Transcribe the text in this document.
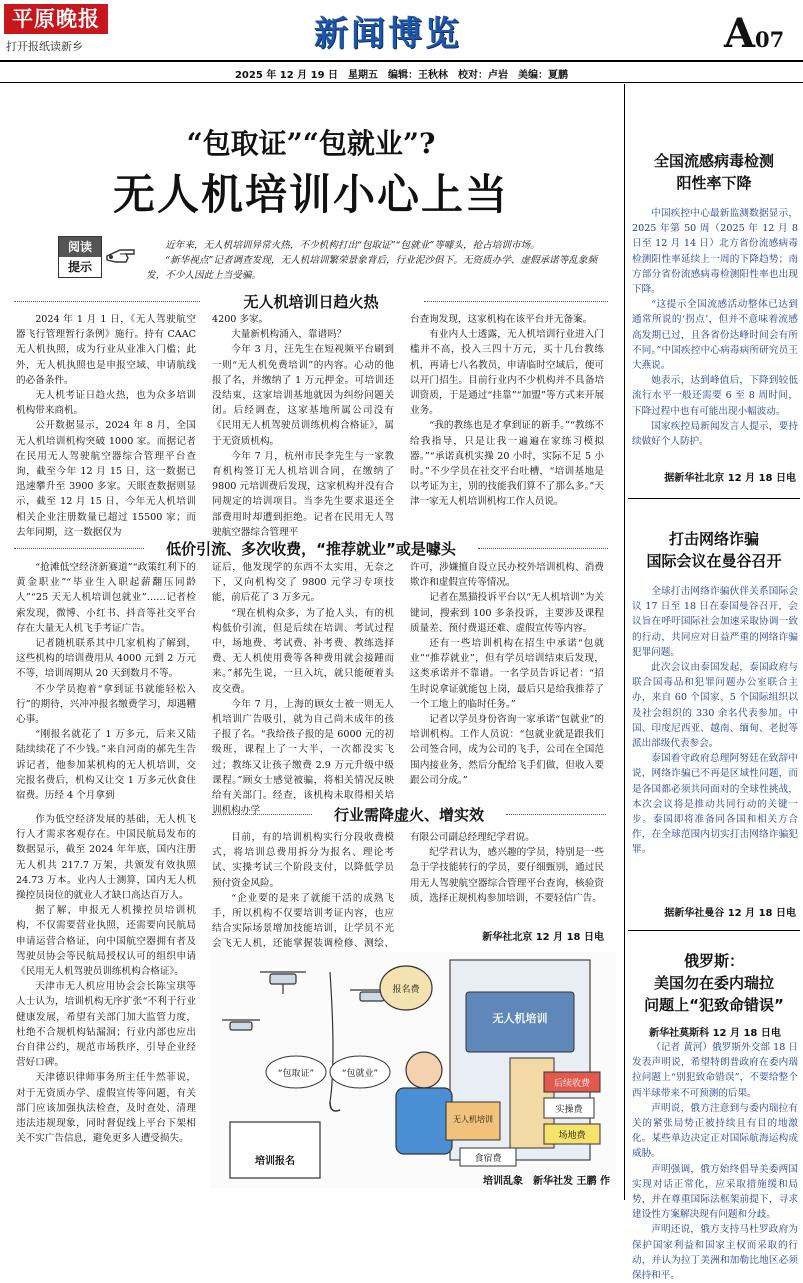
平原晚报
打开报纸读新乡	新闻博览	A07
2025 年 12 月 19 日　星期五　编辑：王秋林　校对：卢岩　美编：夏鹏
“包取证”“包就业”?
无人机培训小心上当
阅读
提示
近年来，无人机培训异常火热，不少机构打出“包取证”“包就业”等噱头，抢占培训市场。
“新华视点”记者调查发现，无人机培训繁荣景象背后，行业泥沙俱下。无资质办学、虚假承诺等乱象频发，不少人因此上当受骗。
无人机培训日趋火热

2024 年 1 月 1 日，《无人驾驶航空器飞行管理暂行条例》施行。持有 CAAC 无人机执照，成为行业从业准入门槛；此外，无人机执照也是申报空域、申请航线的必备条件。

无人机考证日趋火热，也为众多培训机构带来商机。

公开数据显示，2024 年 8 月，全国无人机培训机构突破 1000 家。而据记者在民用无人驾驶航空器综合管理平台查询，截至今年 12 月 15 日，这一数据已迅速攀升至 3900 多家。天眼查数据则显示，截至 12 月 15 日，今年无人机培训相关企业注册数量已超过 15500 家；而去年同期，这一数据仅为

4200 多家。

大量新机构涌入，靠谱吗？

今年 3 月，汪先生在短视频平台刷到一则“无人机免费培训”的内容。心动的他报了名，并缴纳了 1 万元押金。可培训还没结束，这家培训基地就因为纠纷问题关闭。后经调查，这家基地所属公司没有《民用无人机驾驶员训练机构合格证》，属于无资质机构。

今年 7 月，杭州市民李先生与一家教育机构签订无人机培训合同，在缴纳了 9800 元培训费后发现，这家机构并没有合同规定的培训项目。当李先生要求退还全部费用时却遭到拒绝。记者在民用无人驾驶航空器综合管理平

台查询发现，这家机构在该平台并无备案。

有业内人士透露，无人机培训行业进入门槛并不高，投入三四十万元，买十几台教练机，再请七八名教员，申请临时空域后，便可以开门招生。目前行业内不少机构并不具备培训资质，于是通过“挂靠”“加盟”等方式来开展业务。

“我的教练也是才拿到证的新手。”“教练不给我指导，只是让我一遍遍在家练习模拟器。”“承诺真机实操 20 小时，实际不足 5 小时。”不少学员在社交平台吐槽，“培训基地是以考证为主，别的技能我们算不了那么多。”天津一家无人机培训机构工作人员说。

低价引流、多次收费，“推荐就业”或是噱头

“抢滩低空经济新赛道”“政策红利下的黄金职业”“毕业生入职起薪翻压同龄人”“25 天无人机培训包就业”……记者检索发现，微博、小红书、抖音等社交平台存在大量无人机飞手考证广告。

记者随机联系其中几家机构了解到，这些机构的培训费用从 4000 元到 2 万元不等，培训周期从 20 天到数月不等。

不少学员抱着“拿到证书就能轻松入行”的期待，兴冲冲报名缴费学习，却遇糟心事。

“刚报名就花了 1 万多元，后来又陆陆续续花了不少钱。”来自河南的郝先生告诉记者，他参加某机构的无人机培训，交完报名费后，机构又让交 1 万多元伙食住宿费。历经 4 个月拿到

证后，他发现学的东西不太实用，无奈之下，又向机构交了 9800 元学习专项技能，前后花了 3 万多元。

“现在机构众多，为了抢人头，有的机构低价引流，但是后续在培训、考试过程中，场地费、考试费、补考费、教练选择费、无人机使用费等各种费用就会接踵而来。”郝先生说，一旦入坑，就只能硬着头皮交费。

今年 7 月，上海的顾女士被一则无人机培训广告吸引，就为自己尚未成年的孩子报了名。“我给孩子报的是 6000 元的初级班，课程上了一大半，一次都没实飞过；教练又让孩子缴费 2.9 万元升级中级课程。”顾女士感觉被骗，将相关情况反映给有关部门。经查，该机构未取得相关培训机构办学

许可，涉嫌擅自设立民办校外培训机构、消费欺诈和虚假宣传等情况。

记者在黑猫投诉平台以“无人机培训”为关键词，搜索到 100 多条投诉，主要涉及课程质量差、预付费退还难、虚假宣传等内容。

还有一些培训机构在招生中承诺“包就业”“推荐就业”，但有学员培训结束后发现，这类承诺并不靠谱。一名学员告诉记者：“招生时说拿证就能包上岗，最后只是给我推荐了一个工地上的临时任务。”

记者以学员身份咨询一家承诺“包就业”的培训机构。工作人员说：“包就业就是跟我们公司签合同，成为公司的飞手，公司在全国范围内接业务，然后分配给飞手们做，但收入要跟公司分成。”

行业需降虚火、增实效

作为低空经济发展的基础，无人机飞行人才需求客观存在。中国民航局发布的数据显示，截至 2024 年年底，国内注册无人机共 217.7 万架，共颁发有效执照 24.73 万本。业内人士测算，国内无人机操控员岗位的就业人才缺口高达百万人。

据了解，申报无人机操控员培训机构，不仅需要营业执照，还需要向民航局申请运营合格证，向中国航空器拥有者及驾驶员协会等民航局授权认可的组织申请《民用无人机驾驶员训练机构合格证》。

天津市无人机应用协会会长陈宝琪等人士认为，培训机构无序扩张“不利于行业健康发展，希望有关部门加大监管力度，杜绝不合规机构钻漏洞；行业内部也应出台自律公约，规范市场秩序，引导企业经营好口碑。

天津德识律师事务所主任牛然菲说，对于无资质办学、虚假宣传等问题，有关部门应该加强执法检查，及时查处、清理违法违规现象，同时督促线上平台下架相关不实广告信息，避免更多人遭受损失。

目前，有的培训机构实行分段收费模式，将培训总费用拆分为报名、理论考试、实操考试三个阶段支付，以降低学员预付资金风险。

“企业要的是来了就能干活的成熟飞手，所以机构不仅要培训考证内容，也应结合实际场景增加技能培训，让学员不光会飞无人机，还能掌握装调检修、测绘、

有限公司副总经理纪学君说。

纪学君认为，感兴趣的学员，特别是一些急于学技能转行的学员，要仔细甄别，通过民用无人驾驶航空器综合管理平台查询，核验资质，选择正规机构参加培训，不要轻信广告。

新华社北京 12 月 18 日电
无人机培训
报名费
“包取证”	“包就业”
后续收费
实操费
场地费
食宿费
培训报名
无人机培训
培训乱象　新华社发 王鹏 作
全国流感病毒检测
阳性率下降

中国疾控中心最新监测数据显示，2025 年第 50 周（2025 年 12 月 8 日至 12 月 14 日）北方省份流感病毒检测阳性率延续上一周的下降趋势；南方部分省份流感病毒检测阳性率也出现下降。

“这提示全国流感活动整体已达到通常所说的‘拐点’，但并不意味着流感高发期已过，且各省份达峰时间会有所不同。”中国疾控中心病毒病所研究员王大燕说。

她表示，达到峰值后，下降到较低流行水平一般还需要 6 至 8 周时间，下降过程中也有可能出现小幅波动。

国家疾控局新闻发言人提示，要持续做好个人防护。

据新华社北京 12 月 18 日电
打击网络诈骗
国际会议在曼谷召开

全球打击网络诈骗伙伴关系国际会议 17 日至 18 日在泰国曼谷召开，会议旨在呼吁国际社会加速采取协调一致的行动，共同应对日益严重的网络诈骗犯罪问题。

此次会议由泰国发起，泰国政府与联合国毒品和犯罪问题办公室联合主办，来自 60 个国家、5 个国际组织以及社会组织的 330 余名代表参加。中国、印度尼西亚、越南、缅甸、老挝等派出部级代表参会。

泰国着守政府总理阿努廷在致辞中说，网络诈骗已不再是区域性问题，而是各国都必须共同面对的全球性挑战，本次会议将是推动共同行动的关键一步。泰国即将准备同各国和相关方合作，在全球范围内切实打击网络诈骗犯罪。

据新华社曼谷 12 月 18 日电
俄罗斯：
美国勿在委内瑞拉
问题上“犯致命错误”
新华社莫斯科 12 月 18 日电

（记者 黄河）俄罗斯外交部 18 日发表声明说，希望特朗普政府在委内瑞拉问题上“别犯致命错误”，不要给整个西半球带来不可预测的后果。

声明说，俄方注意到与委内瑞拉有关的紧张局势正被持续且有目的地激化。某些单边决定正对国际航海运构成威胁。

声明强调，俄方始终倡导美委两国实现对话正常化，应采取措施缓和局势，并在尊重国际法框架前提下，寻求建设性方案解决现有问题和分歧。

声明还说，俄方支持马杜罗政府为保护国家利益和国家主权而采取的行动，并认为拉丁美洲和加勒比地区必须保持和平。
